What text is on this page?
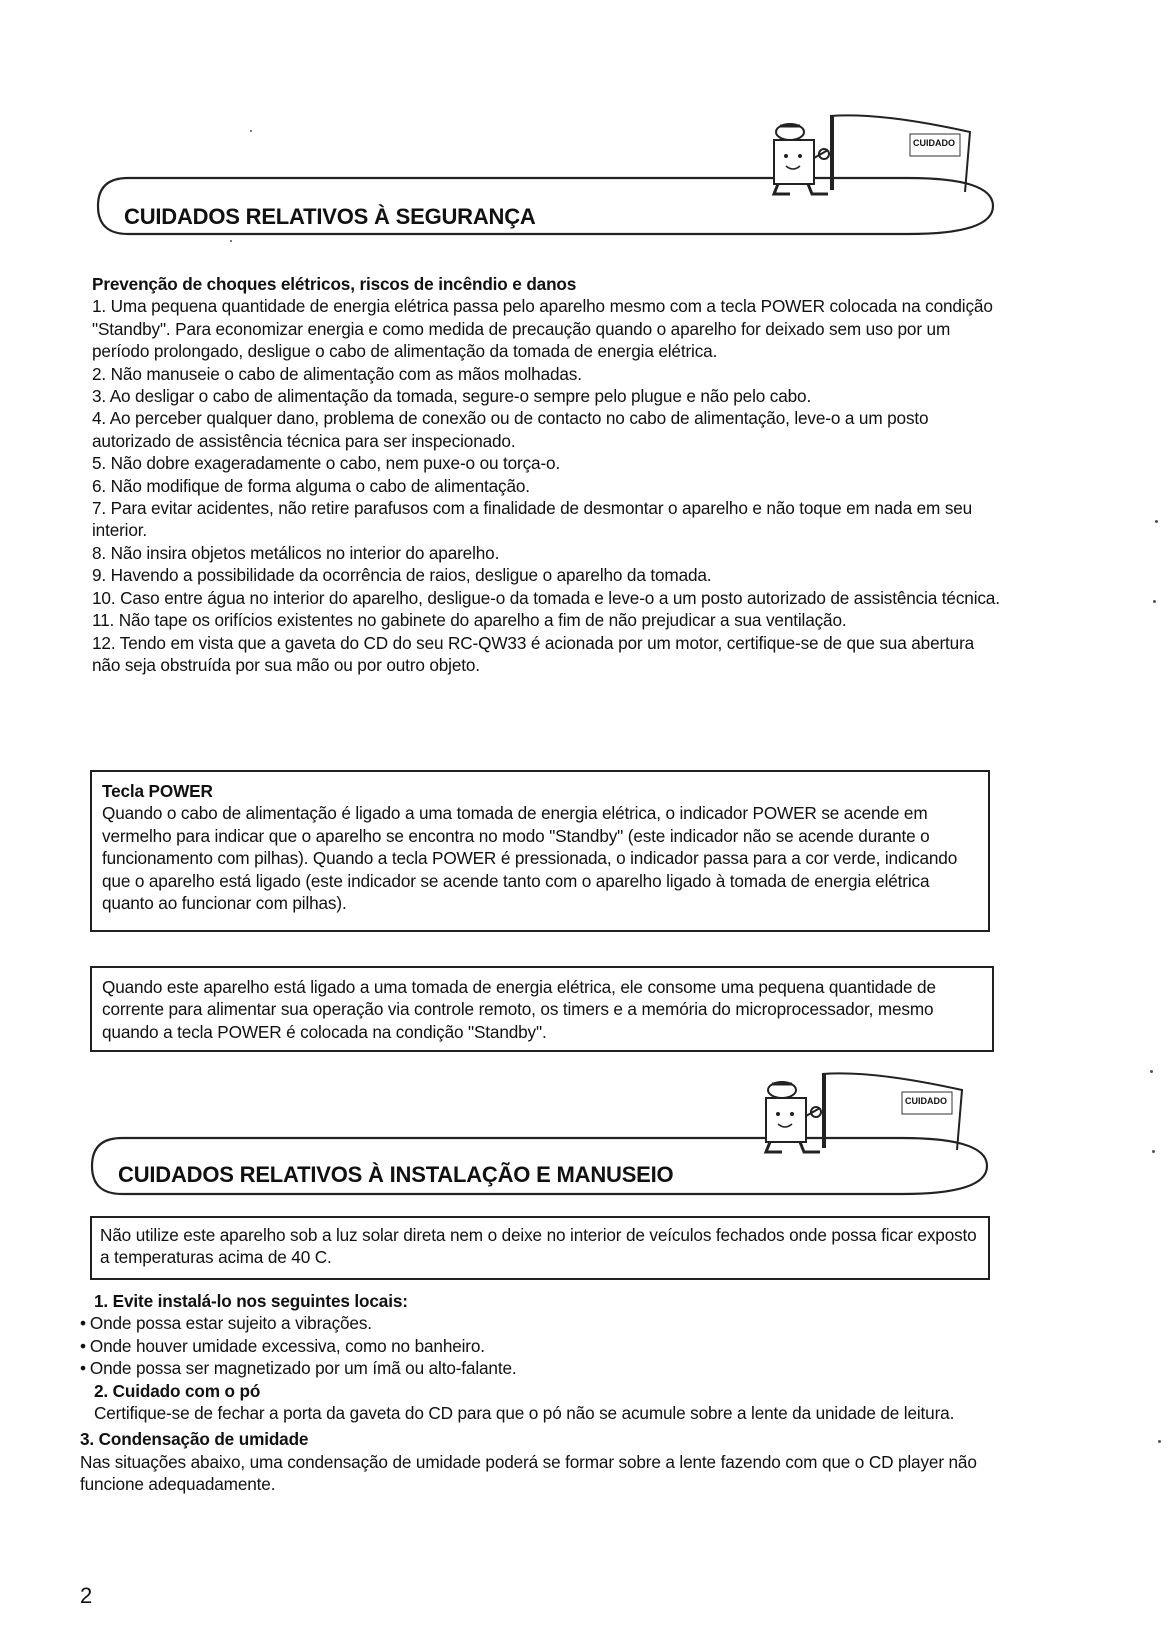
CUIDADOS RELATIVOS À SEGURANÇA
CUIDADO

Prevenção de choques elétricos, riscos de incêndio e danos

1. Uma pequena quantidade de energia elétrica passa pelo aparelho mesmo com a tecla POWER colocada na condição "Standby". Para economizar energia e como medida de precaução quando o aparelho for deixado sem uso por um período prolongado, desligue o cabo de alimentação da tomada de energia elétrica.

2. Não manuseie o cabo de alimentação com as mãos molhadas.

3. Ao desligar o cabo de alimentação da tomada, segure-o sempre pelo plugue e não pelo cabo.

4. Ao perceber qualquer dano, problema de conexão ou de contacto no cabo de alimentação, leve-o a um posto autorizado de assistência técnica para ser inspecionado.

5. Não dobre exageradamente o cabo, nem puxe-o ou torça-o.

6. Não modifique de forma alguma o cabo de alimentação.

7. Para evitar acidentes, não retire parafusos com a finalidade de desmontar o aparelho e não toque em nada em seu interior.

8. Não insira objetos metálicos no interior do aparelho.

9. Havendo a possibilidade da ocorrência de raios, desligue o aparelho da tomada.

10. Caso entre água no interior do aparelho, desligue-o da tomada e leve-o a um posto autorizado de assistência técnica.

11. Não tape os orifícios existentes no gabinete do aparelho a fim de não prejudicar a sua ventilação.

12. Tendo em vista que a gaveta do CD do seu RC-QW33 é acionada por um motor, certifique-se de que sua abertura não seja obstruída por sua mão ou por outro objeto.

Tecla POWER

Quando o cabo de alimentação é ligado a uma tomada de energia elétrica, o indicador POWER se acende em vermelho para indicar que o aparelho se encontra no modo "Standby" (este indicador não se acende durante o funcionamento com pilhas). Quando a tecla POWER é pressionada, o indicador passa para a cor verde, indicando que o aparelho está ligado (este indicador se acende tanto com o aparelho ligado à tomada de energia elétrica quanto ao funcionar com pilhas).

Quando este aparelho está ligado a uma tomada de energia elétrica, ele consome uma pequena quantidade de corrente para alimentar sua operação via controle remoto, os timers e a memória do microprocessador, mesmo quando a tecla POWER é colocada na condição "Standby".

CUIDADOS RELATIVOS À INSTALAÇÃO E MANUSEIO
CUIDADO

Não utilize este aparelho sob a luz solar direta nem o deixe no interior de veículos fechados onde possa ficar exposto a temperaturas acima de 40 C.

1. Evite instalá-lo nos seguintes locais:

• Onde possa estar sujeito a vibrações.

• Onde houver umidade excessiva, como no banheiro.

• Onde possa ser magnetizado por um ímã ou alto-falante.

2. Cuidado com o pó

Certifique-se de fechar a porta da gaveta do CD para que o pó não se acumule sobre a lente da unidade de leitura.

3. Condensação de umidade

Nas situações abaixo, uma condensação de umidade poderá se formar sobre a lente fazendo com que o CD player não funcione adequadamente.

2
